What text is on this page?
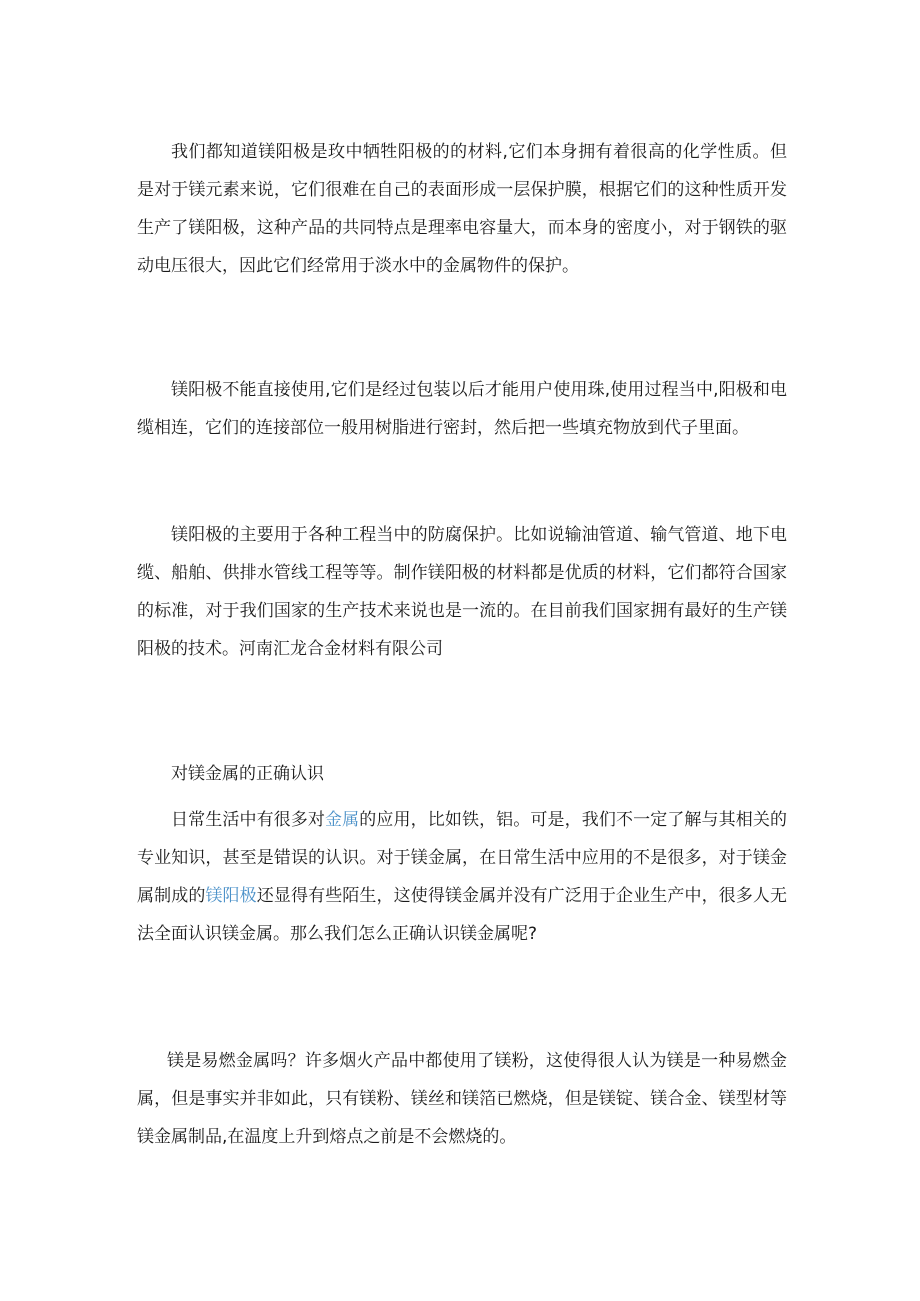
我们都知道镁阳极是玫中牺牲阳极的的材料,它们本身拥有着很高的化学性质。但是对于镁元素来说，它们很难在自己的表面形成一层保护膜，根据它们的这种性质开发生产了镁阳极，这种产品的共同特点是理率电容量大，而本身的密度小，对于钢铁的驱动电压很大，因此它们经常用于淡水中的金属物件的保护。

镁阳极不能直接使用,它们是经过包装以后才能用户使用珠,使用过程当中,阳极和电缆相连，它们的连接部位一般用树脂进行密封，然后把一些填充物放到代子里面。

镁阳极的主要用于各种工程当中的防腐保护。比如说输油管道、输气管道、地下电缆、船舶、供排水管线工程等等。制作镁阳极的材料都是优质的材料，它们都符合国家的标准，对于我们国家的生产技术来说也是一流的。在目前我们国家拥有最好的生产镁阳极的技术。河南汇龙合金材料有限公司

对镁金属的正确认识

日常生活中有很多对金属的应用，比如铁，铝。可是，我们不一定了解与其相关的专业知识，甚至是错误的认识。对于镁金属，在日常生活中应用的不是很多，对于镁金属制成的镁阳极还显得有些陌生，这使得镁金属并没有广泛用于企业生产中，很多人无法全面认识镁金属。那么我们怎么正确认识镁金属呢?

镁是易燃金属吗？许多烟火产品中都使用了镁粉，这使得很人认为镁是一种易燃金属，但是事实并非如此，只有镁粉、镁丝和镁箔已燃烧，但是镁锭、镁合金、镁型材等镁金属制品,在温度上升到熔点之前是不会燃烧的。
